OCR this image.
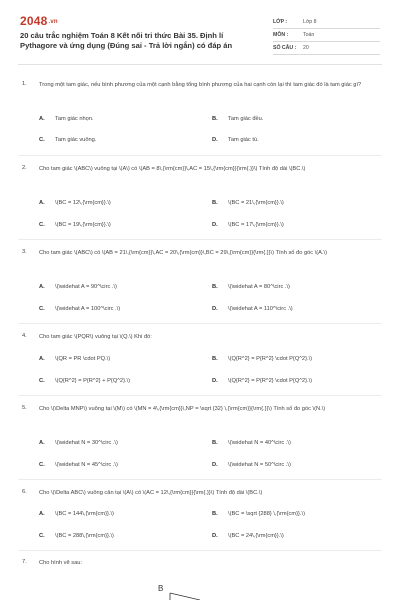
2048.vn
20 câu trắc nghiệm Toán 8 Kết nối tri thức Bài 35. Định lí Pythagore và ứng dụng (Đúng sai - Trả lời ngắn) có đáp án
LỚP :	Lớp 8
MÔN :	Toán
SỐ CÂU : 20
1. Trong một tam giác, nếu bình phương của một cạnh bằng tổng bình phương của hai cạnh còn lại thì tam giác đó là tam giác gì?
A. Tam giác nhọn.	B. Tam giác đều.
C. Tam giác vuông.	D. Tam giác tù.
2. Cho tam giác \(ABC\) vuông tại \(A\) có \(AB = 8\,{\rm{cm}}\,AC = 15\,{\rm{cm}}{\rm{.}}\) Tính độ dài \(BC.\)
A. \(BC = 12\,{\rm{cm}}.\)	B. \(BC = 21\,{\rm{cm}}.\)
C. \(BC = 19\,{\rm{cm}}.\)	D. \(BC = 17\,{\rm{cm}}.\)
3. Cho tam giác \(ABC\) có \(AB = 21\,{\rm{cm}}\,AC = 20\,{\rm{cm}}\,BC = 29\,{\rm{cm}}{\rm{.}}\) Tính số đo góc \(A.\)
A. \(\widehat A = 90^\circ .\)	B. \(\widehat A = 80^\circ .\)
C. \(\widehat A = 100^\circ .\)	D. \(\widehat A = 110^\circ .\)
4. Cho tam giác \(PQR\) vuông tại \(Q.\) Khi đó:
A. \(QR = PR \cdot PQ.\)	B. \(Q{R^2} = P{R^2} \cdot P{Q^2}.\)
C. \(Q{R^2} = P{R^2} + P{Q^2}.\)	D. \(Q{R^2} = P{R^2} \cdot P{Q^2}.\)
5. Cho \(\Delta MNP\) vuông tại \(M\) có \(MN = 4\,{\rm{cm}}\,NP = \sqrt {32} \,{\rm{cm}}{\rm{.}}\) Tính số đo góc \(N.\)
A. \(\widehat N = 30^\circ .\)	B. \(\widehat N = 40^\circ .\)
C. \(\widehat N = 45^\circ .\)	D. \(\widehat N = 50^\circ .\)
6. Cho \(\Delta ABC\) vuông cân tại \(A\) có \(AC = 12\,{\rm{cm}}{\rm{.}}\) Tính độ dài \(BC.\)
A. \(BC = 144\,{\rm{cm}}.\)	B. \(BC = \sqrt {288} \,{\rm{cm}}.\)
C. \(BC = 288\,{\rm{cm}}.\)	D. \(BC = 24\,{\rm{cm}}.\)
7. Cho hình vẽ sau:
B
